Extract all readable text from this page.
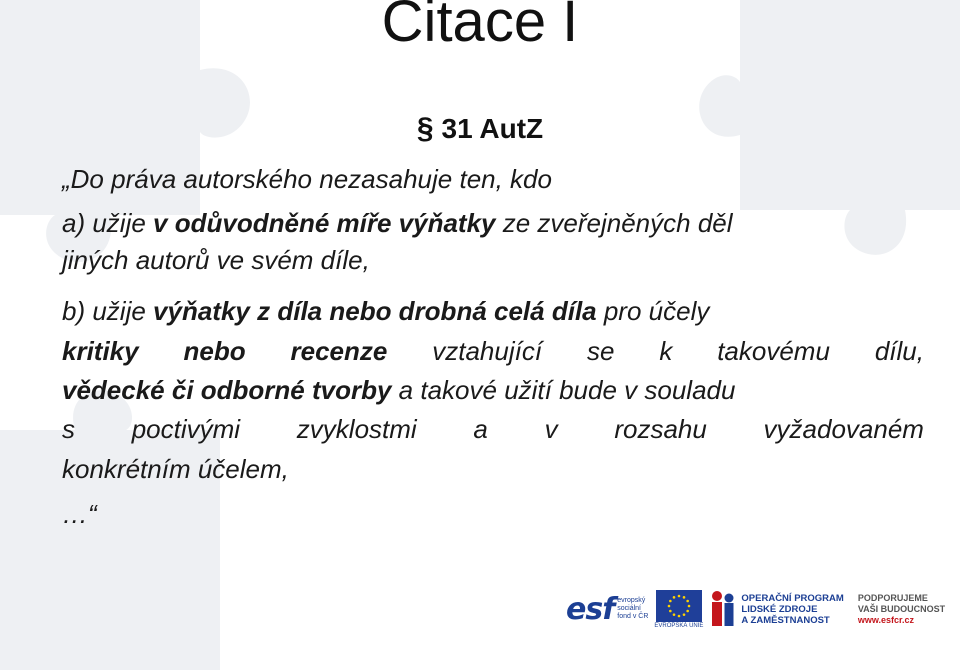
Citace I
§ 31 AutZ
„Do práva autorského nezasahuje ten, kdo
a) užije v odůvodněné míře výňatky ze zveřejněných děl
jiných autorů ve svém díle,
b) užije výňatky z díla nebo drobná celá díla pro účely
kritiky nebo recenze vztahující se k takovému dílu,
vědecké či odborné tvorby a takové užití bude v souladu
s poctivými zvyklostmi a v rozsahu vyžadovaném
konkrétním účelem,
…“
esf evropský
sociální
fond v ČR
EVROPSKÁ UNIE
OPERAČNÍ PROGRAM
LIDSKÉ ZDROJE
A ZAMĚSTNANOST
PODPORUJEME
VAŠI BUDOUCNOST
www.esfcr.cz
